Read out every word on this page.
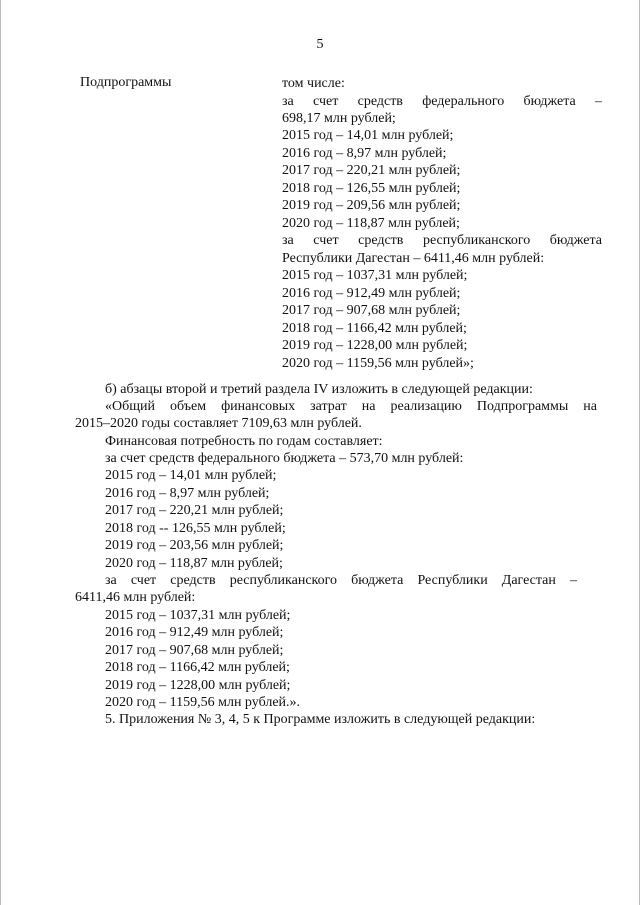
5
Подпрограммы	том числе:
за счет средств федерального бюджета –
698,17 млн рублей;
2015 год – 14,01 млн рублей;
2016 год – 8,97 млн рублей;
2017 год – 220,21 млн рублей;
2018 год – 126,55 млн рублей;
2019 год – 209,56 млн рублей;
2020 год – 118,87 млн рублей;
за счет средств республиканского бюджета
Республики Дагестан – 6411,46 млн рублей:
2015 год – 1037,31 млн рублей;
2016 год – 912,49 млн рублей;
2017 год – 907,68 млн рублей;
2018 год – 1166,42 млн рублей;
2019 год – 1228,00 млн рублей;
2020 год – 1159,56 млн рублей»;
б) абзацы второй и третий раздела IV изложить в следующей редакции:
«Общий объем финансовых затрат на реализацию Подпрограммы на
2015–2020 годы составляет 7109,63 млн рублей.
Финансовая потребность по годам составляет:
за счет средств федерального бюджета – 573,70 млн рублей:
2015 год – 14,01 млн рублей;
2016 год – 8,97 млн рублей;
2017 год – 220,21 млн рублей;
2018 год -- 126,55 млн рублей;
2019 год – 203,56 млн рублей;
2020 год – 118,87 млн рублей;
за счет средств республиканского бюджета Республики Дагестан –
6411,46 млн рублей:
2015 год – 1037,31 млн рублей;
2016 год – 912,49 млн рублей;
2017 год – 907,68 млн рублей;
2018 год – 1166,42 млн рублей;
2019 год – 1228,00 млн рублей;
2020 год – 1159,56 млн рублей.».
5. Приложения № 3, 4, 5 к Программе изложить в следующей редакции:
